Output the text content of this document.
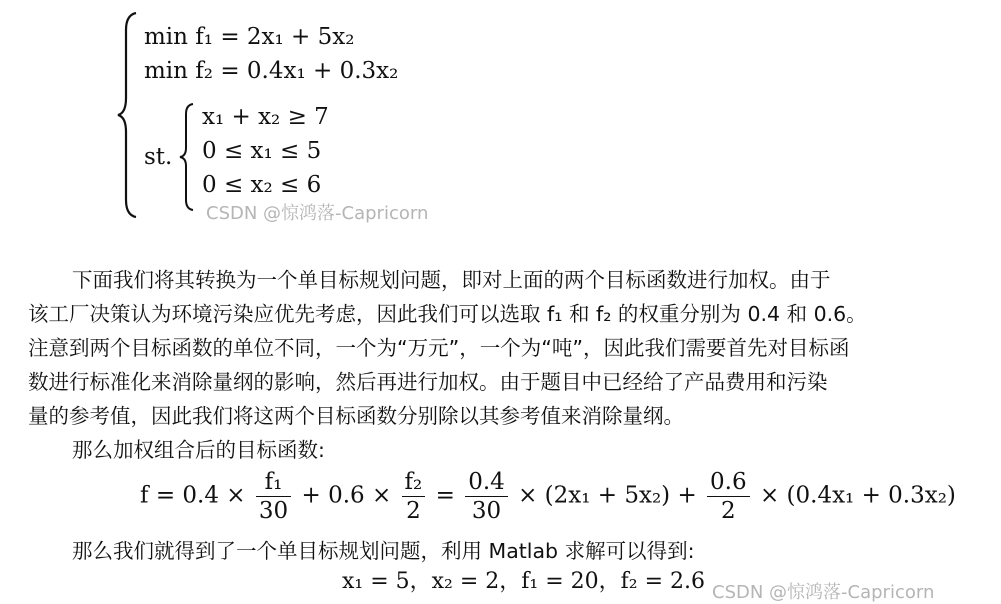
min f₁ = 2x₁ + 5x₂
min f₂ = 0.4x₁ + 0.3x₂
st.
x₁ + x₂ ≥ 7
0 ≤ x₁ ≤ 5
0 ≤ x₂ ≤ 6
CSDN @惊鸿落-Capricorn

下面我们将其转换为一个单目标规划问题，即对上面的两个目标函数进行加权。由于

该工厂决策认为环境污染应优先考虑，因此我们可以选取 f₁ 和 f₂ 的权重分别为 0.4 和 0.6。

注意到两个目标函数的单位不同，一个为“万元”，一个为“吨”，因此我们需要首先对目标函

数进行标准化来消除量纲的影响，然后再进行加权。由于题目中已经给了产品费用和污染

量的参考值，因此我们将这两个目标函数分别除以其参考值来消除量纲。

那么加权组合后的目标函数:

$f = 0.4 \times \frac{\text{f₁}}{30} + 0.6 \times \frac{\text{f₂}}{2} = \frac{0.4}{30} \times (2x_1 + 5x_2) + \frac{0.6}{2} \times (0.4x_1 + 0.3x_2)$
那么我们就得到了一个单目标规划问题，利用 Matlab 求解可以得到:
x₁ = 5，x₂ = 2，f₁ = 20，f₂ = 2.6 CSDN @惊鸿落-Capricorn
